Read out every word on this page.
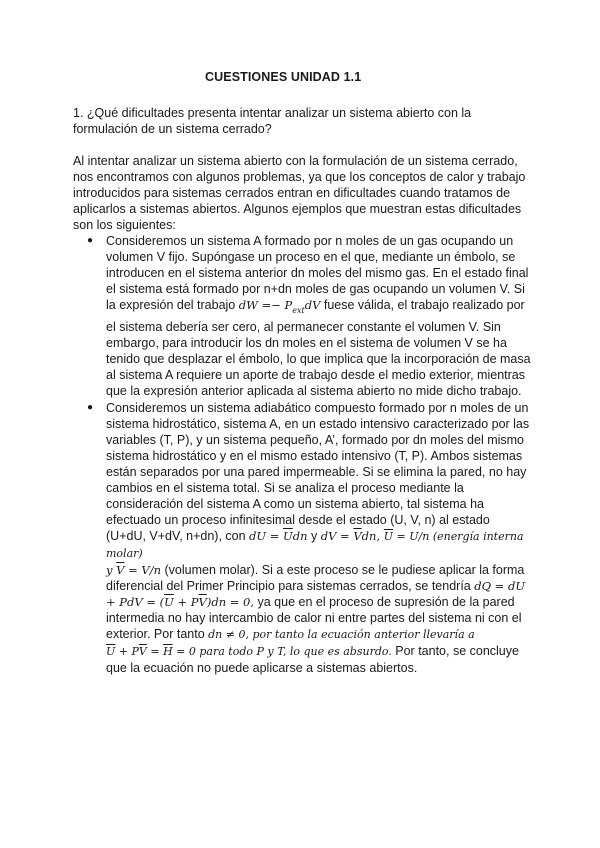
CUESTIONES UNIDAD 1.1

1. ¿Qué dificultades presenta intentar analizar un sistema abierto con la formulación de un sistema cerrado?

Al intentar analizar un sistema abierto con la formulación de un sistema cerrado, nos encontramos con algunos problemas, ya que los conceptos de calor y trabajo introducidos para sistemas cerrados entran en dificultades cuando tratamos de aplicarlos a sistemas abiertos. Algunos ejemplos que muestran estas dificultades son los siguientes:

● Consideremos un sistema A formado por n moles de un gas ocupando un volumen V fijo. Supóngase un proceso en el que, mediante un émbolo, se introducen en el sistema anterior dn moles del mismo gas. En el estado final el sistema está formado por n+dn moles de gas ocupando un volumen V. Si la expresión del trabajo dW =− $P_{ext}dV$ fuese válida, el trabajo realizado por el sistema debería ser cero, al permanecer constante el volumen V. Sin embargo, para introducir los dn moles en el sistema de volumen V se ha tenido que desplazar el émbolo, lo que implica que la incorporación de masa al sistema A requiere un aporte de trabajo desde el medio exterior, mientras que la expresión anterior aplicada al sistema abierto no mide dicho trabajo.
● Consideremos un sistema adiabático compuesto formado por n moles de un sistema hidrostático, sistema A, en un estado intensivo caracterizado por las variables (T, P), y un sistema pequeño, A’, formado por dn moles del mismo sistema hidrostático y en el mismo estado intensivo (T, P). Ambos sistemas están separados por una pared impermeable. Si se elimina la pared, no hay cambios en el sistema total. Si se analiza el proceso mediante la consideración del sistema A como un sistema abierto, tal sistema ha efectuado un proceso infinitesimal desde el estado (U, V, n) al estado (U+dU, V+dV, n+dn), con dU = $\overline{U}dn$ y dV = $\overline{V}dn$, $\overline{U} = U/n$ (energía interna molar)
y $\overline{V} = V/n$ (volumen molar). Si a este proceso se le pudiese aplicar la forma diferencial del Primer Principio para sistemas cerrados, se tendría dQ = dU + PdV = $(\overline{U} + P\overline{V})dn = 0$, ya que en el proceso de supresión de la pared intermedia no hay intercambio de calor ni entre partes del sistema ni con el exterior. Por tanto dn ≠ 0, por tanto la ecuación anterior llevaría a
$\overline{U} + P\overline{V} = \overline{H} = 0$ para todo P y T, lo que es absurdo. Por tanto, se concluye que la ecuación no puede aplicarse a sistemas abiertos.
